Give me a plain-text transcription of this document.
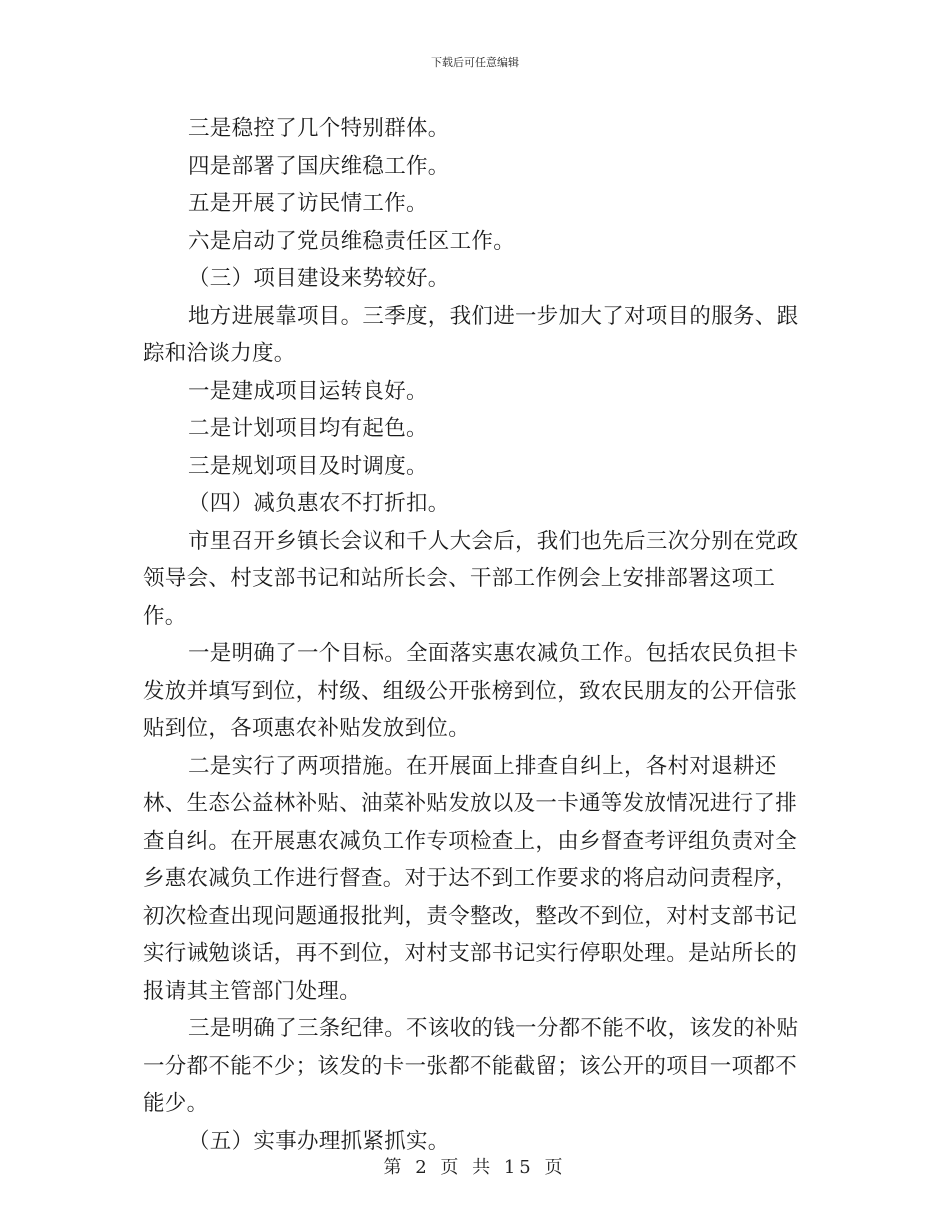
下载后可任意编辑

三是稳控了几个特别群体。

四是部署了国庆维稳工作。

五是开展了访民情工作。

六是启动了党员维稳责任区工作。

（三）项目建设来势较好。

地方进展靠项目。三季度，我们进一步加大了对项目的服务、跟踪和洽谈力度。

一是建成项目运转良好。

二是计划项目均有起色。

三是规划项目及时调度。

（四）减负惠农不打折扣。

市里召开乡镇长会议和千人大会后，我们也先后三次分别在党政领导会、村支部书记和站所长会、干部工作例会上安排部署这项工作。

一是明确了一个目标。全面落实惠农减负工作。包括农民负担卡发放并填写到位，村级、组级公开张榜到位，致农民朋友的公开信张贴到位，各项惠农补贴发放到位。

二是实行了两项措施。在开展面上排查自纠上，各村对退耕还林、生态公益林补贴、油菜补贴发放以及一卡通等发放情况进行了排查自纠。在开展惠农减负工作专项检查上，由乡督查考评组负责对全乡惠农减负工作进行督查。对于达不到工作要求的将启动问责程序，初次检查出现问题通报批判，责令整改，整改不到位，对村支部书记实行诫勉谈话，再不到位，对村支部书记实行停职处理。是站所长的报请其主管部门处理。

三是明确了三条纪律。不该收的钱一分都不能不收，该发的补贴一分都不能不少；该发的卡一张都不能截留；该公开的项目一项都不能少。

（五）实事办理抓紧抓实。

第 2 页 共 15 页
